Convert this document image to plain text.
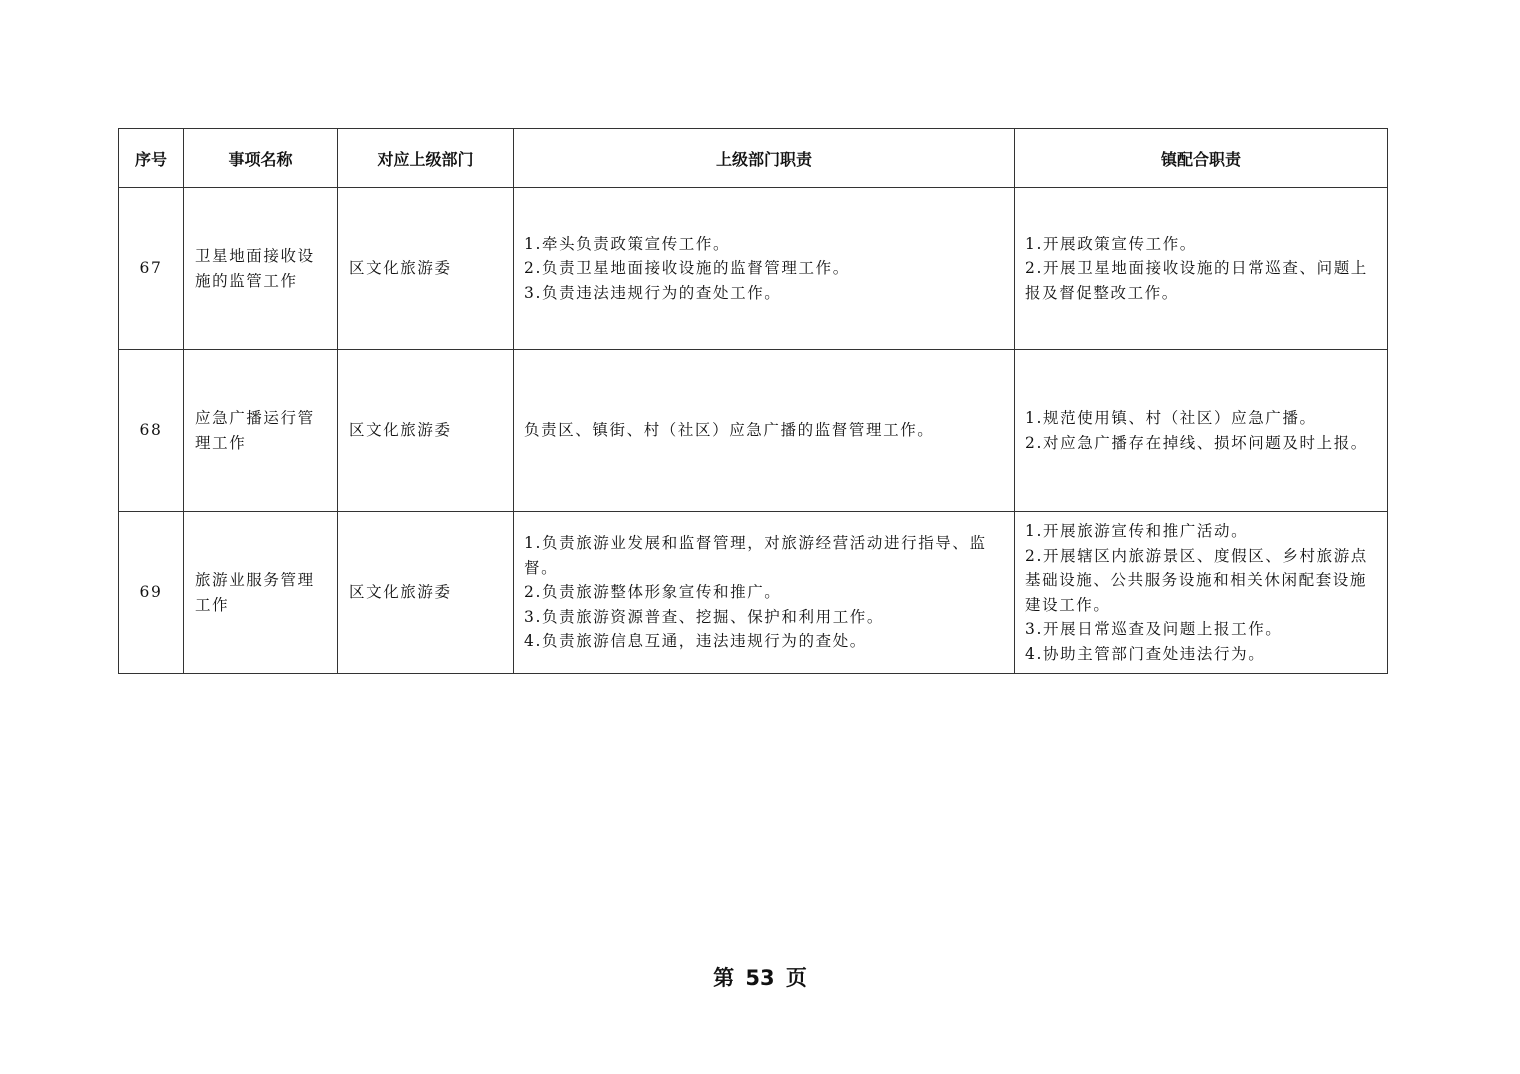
序号	事项名称	对应上级部门	上级部门职责	镇配合职责
67	卫星地面接收设施的监管工作	区文化旅游委	1.牵头负责政策宣传工作。
2.负责卫星地面接收设施的监督管理工作。
3.负责违法违规行为的查处工作。	1.开展政策宣传工作。
2.开展卫星地面接收设施的日常巡查、问题上报及督促整改工作。

68	应急广播运行管理工作	区文化旅游委	负责区、镇街、村（社区）应急广播的监督管理工作。	1.规范使用镇、村（社区）应急广播。
2.对应急广播存在掉线、损坏问题及时上报。

69	旅游业服务管理工作	区文化旅游委	1.负责旅游业发展和监督管理，对旅游经营活动进行指导、监督。
2.负责旅游整体形象宣传和推广。
3.负责旅游资源普查、挖掘、保护和利用工作。
4.负责旅游信息互通，违法违规行为的查处。	1.开展旅游宣传和推广活动。
2.开展辖区内旅游景区、度假区、乡村旅游点基础设施、公共服务设施和相关休闲配套设施建设工作。
3.开展日常巡查及问题上报工作。
4.协助主管部门查处违法行为。
第 53 页
